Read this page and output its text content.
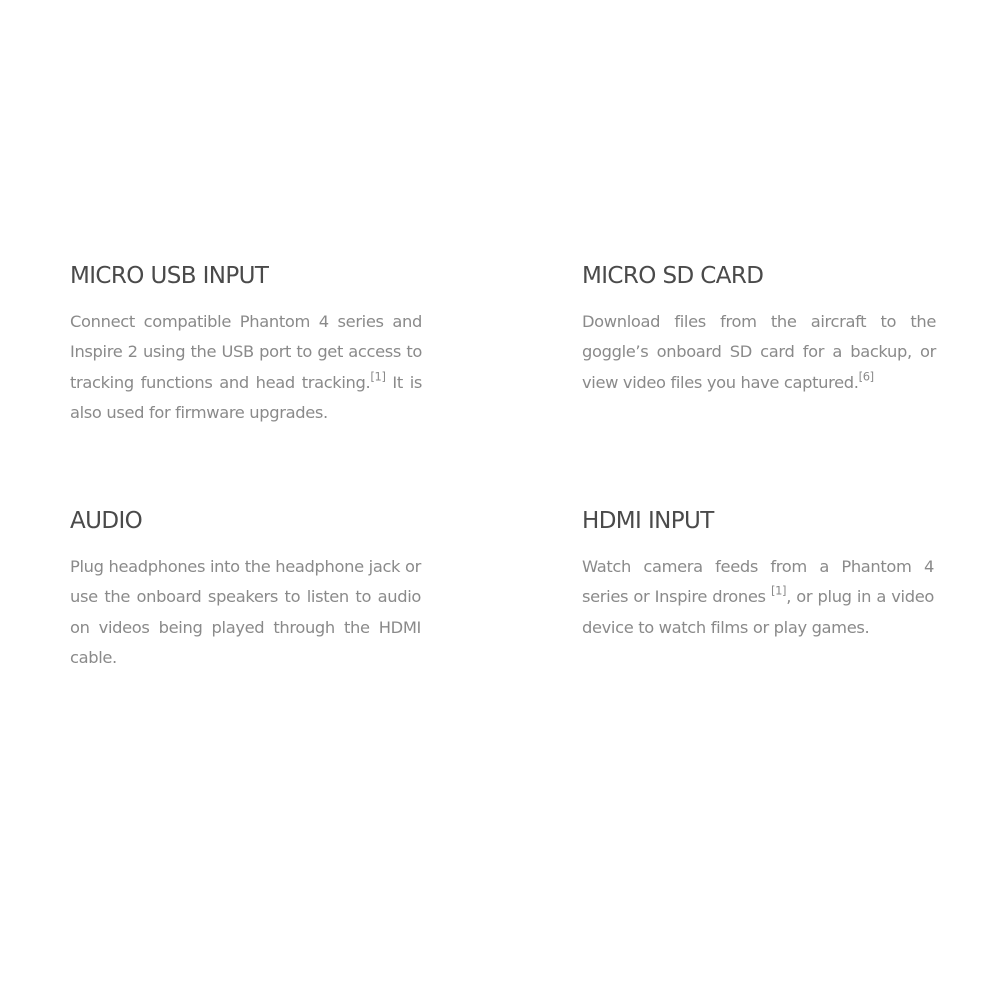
MICRO USB INPUT

Connect compatible Phantom 4 series and Inspire 2 using the USB port to get access to tracking functions and head tracking.[1] It is also used for firmware upgrades.

MICRO SD CARD

Download files from the aircraft to the goggle’s onboard SD card for a backup, or view video files you have captured.[6]

AUDIO

Plug headphones into the headphone jack or use the onboard speakers to listen to audio on videos being played through the HDMI cable.

HDMI INPUT

Watch camera feeds from a Phantom 4 series or Inspire drones [1], or plug in a video device to watch films or play games.
